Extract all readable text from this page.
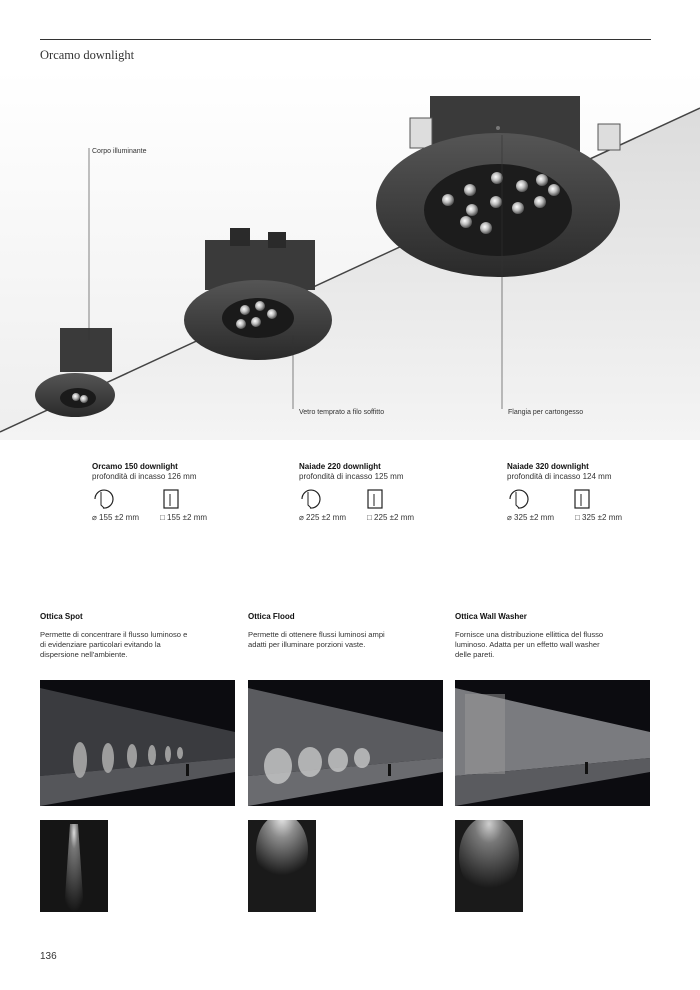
Orcamo downlight
Corpo illuminante
Vetro temprato a filo soffitto	Flangia per cartongesso
Orcamo 150 downlight
profondità di incasso 126 mm
⌀ 155 ±2 mm	□ 155 ±2 mm
Naiade 220 downlight
profondità di incasso 125 mm
⌀ 225 ±2 mm	□ 225 ±2 mm
Naiade 320 downlight
profondità di incasso 124 mm
⌀ 325 ±2 mm	□ 325 ±2 mm
Ottica Spot
Permette di concentrare il flusso luminoso e di evidenziare particolari evitando la dispersione nell'ambiente.
Ottica Flood
Permette di ottenere flussi luminosi ampi adatti per illuminare porzioni vaste.
Ottica Wall Washer
Fornisce una distribuzione ellittica del flusso luminoso. Adatta per un effetto wall washer delle pareti.
136
